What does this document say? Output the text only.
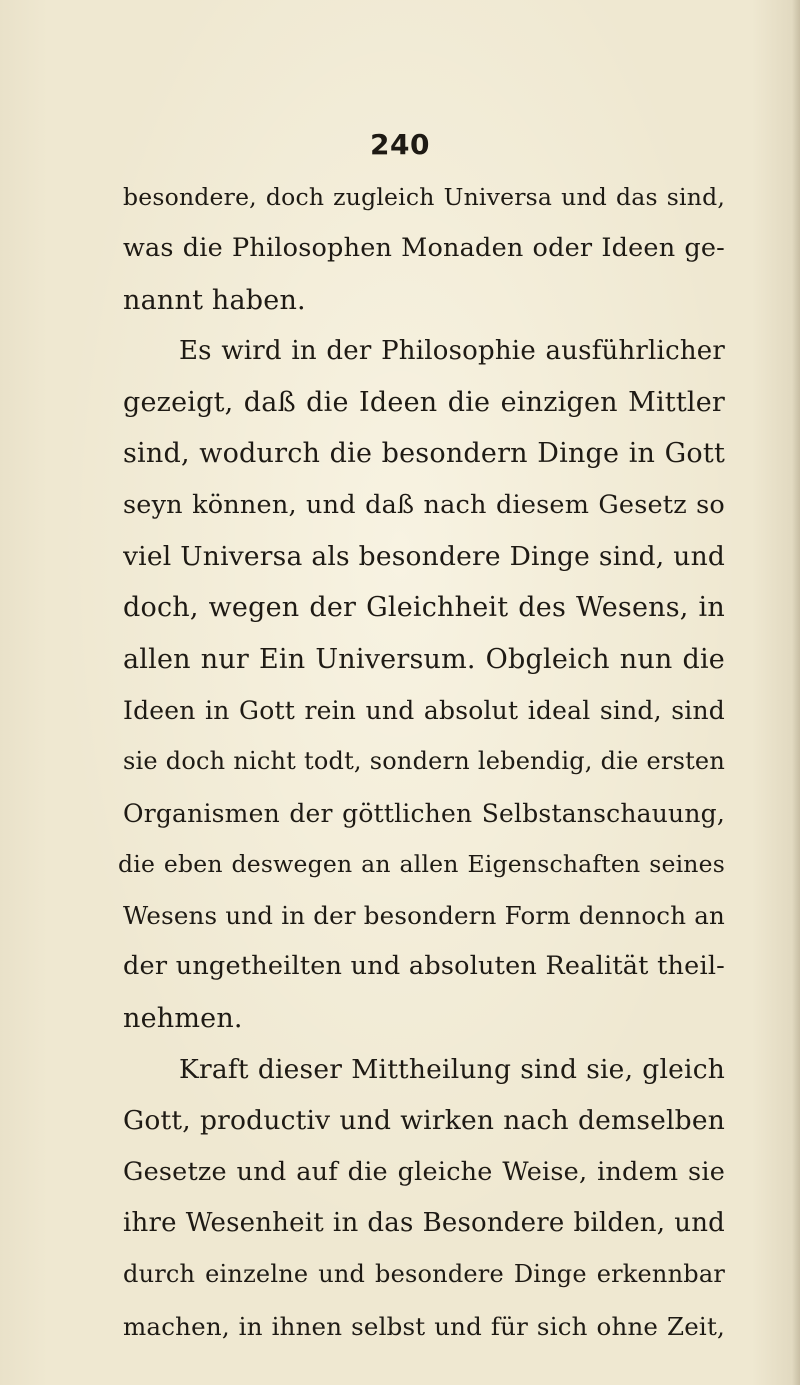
240
besondere, doch zugleich Universa und das sind,
was die Philosophen Monaden oder Ideen ge-
nannt haben.
Es wird in der Philosophie ausführlicher
gezeigt, daß die Ideen die einzigen Mittler
sind, wodurch die besondern Dinge in Gott
seyn können, und daß nach diesem Gesetz so
viel Universa als besondere Dinge sind, und
doch, wegen der Gleichheit des Wesens, in
allen nur Ein Universum. Obgleich nun die
Ideen in Gott rein und absolut ideal sind, sind
sie doch nicht todt, sondern lebendig, die ersten
Organismen der göttlichen Selbstanschauung,
die eben deswegen an allen Eigenschaften seines
Wesens und in der besondern Form dennoch an
der ungetheilten und absoluten Realität theil-
nehmen.
Kraft dieser Mittheilung sind sie, gleich
Gott, productiv und wirken nach demselben
Gesetze und auf die gleiche Weise, indem sie
ihre Wesenheit in das Besondere bilden, und
durch einzelne und besondere Dinge erkennbar
machen, in ihnen selbst und für sich ohne Zeit,
